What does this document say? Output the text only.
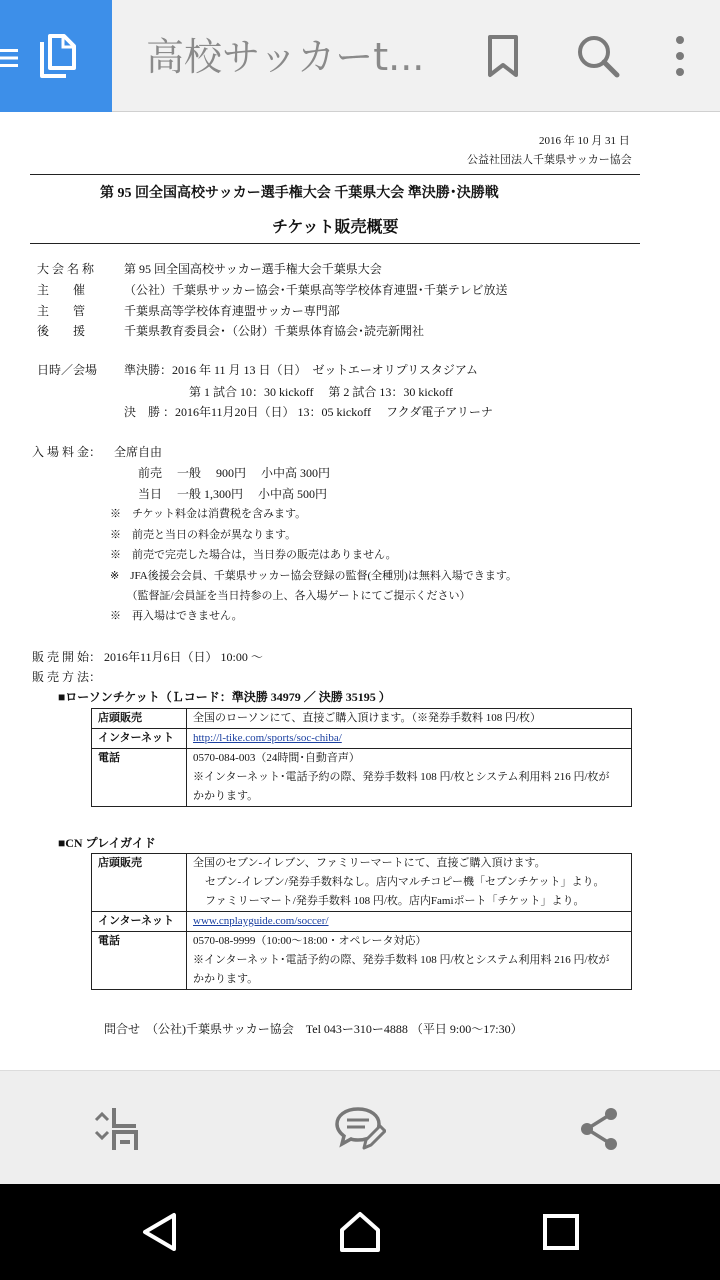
高校サッカーt...
2016 年 10 月 31 日
公益社団法人千葉県サッカー協会
第 95 回全国高校サッカー選手権大会 千葉県大会 準決勝･決勝戦
チケット販売概要
大 会 名 称 第 95 回全国高校サッカー選手権大会千葉県大会
主　　催	（公社）千葉県サッカー協会･千葉県高等学校体育連盟･千葉テレビ放送
主　　管	千葉県高等学校体育連盟サッカー専門部
後　　援	千葉県教育委員会･（公財）千葉県体育協会･読売新聞社
日時／会場 準決勝：2016 年 11 月 13 日（日）　ゼットエーオリプリスタジアム
第 1 試合 10：30 kickoff　 第 2 試合 13：30 kickoff
決　勝 ：2016年11月20日（日） 13：05 kickoff　 フクダ電子アリーナ
入 場 料 金： 全席自由
前売　 一般　 900円　 小中高 300円
当日　 一般 1,300円　 小中高 500円
※　チケット料金は消費税を含みます。
※　前売と当日の料金が異なります。
※　前売で完売した場合は，当日券の販売はありません。
※　JFA後援会会員、千葉県サッカー協会登録の監督(全種別)は無料入場できます。
　　（監督証/会員証を当日持参の上、各入場ゲートにてご提示ください）
※　再入場はできません。
販 売 開 始： 2016年11月6日（日） 10:00 〜
販 売 方 法：
■ローソンチケット（Ｌコード：準決勝 34979 ／ 決勝 35195 ）
店頭販売	全国のローソンにて、直接ご購入頂けます。（※発券手数料 108 円/枚）

インターネット	http://l-tike.com/sports/soc-chiba/

電話	0570-084-003（24時間･自動音声）
※インターネット･電話予約の際、発券手数料 108 円/枚とシステム利用料 216 円/枚が
かかります。
■CN プレイガイド
店頭販売	全国のセブン-イレブン、ファミリーマートにて、直接ご購入頂けます。
セブン-イレブン/発券手数料なし。店内マルチコピー機「セブンチケット」より。
ファミリーマート/発券手数料 108 円/枚。店内Famiポート「チケット」より。

インターネット	www.cnplayguide.com/soccer/

電話	0570-08-9999（10:00〜18:00・オペレータ対応）
※インターネット･電話予約の際、発券手数料 108 円/枚とシステム利用料 216 円/枚が
かかります。
問合せ　（公社)千葉県サッカー協会　Tel 043ー310ー4888 （平日 9:00〜17:30）
